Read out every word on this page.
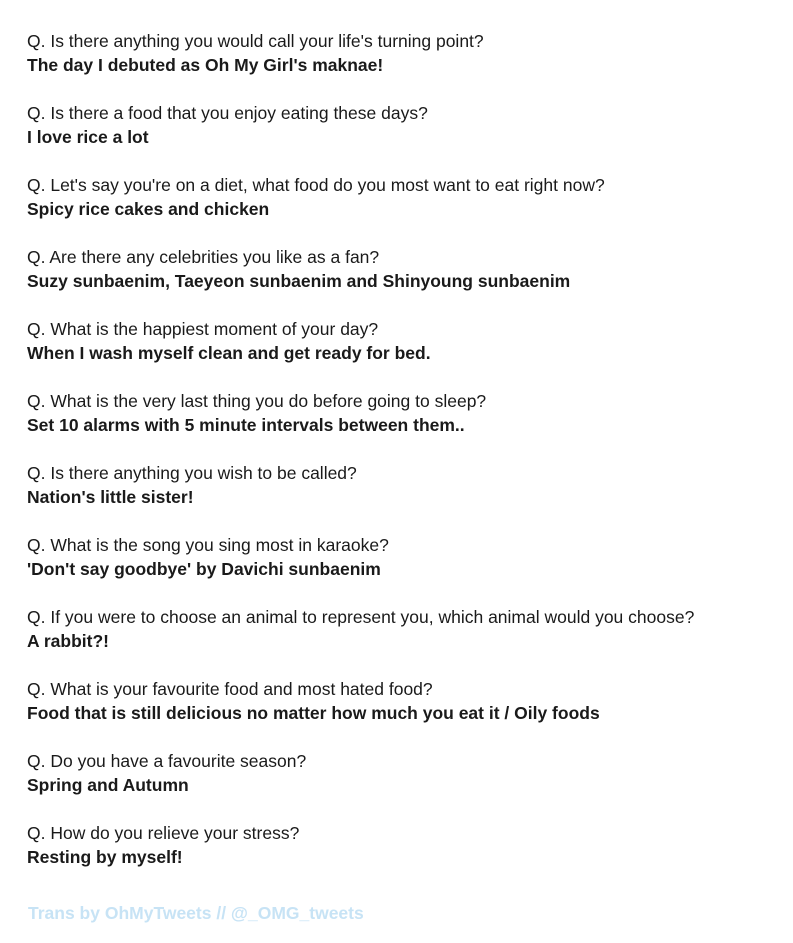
Q. Is there anything you would call your life's turning point?
The day I debuted as Oh My Girl's maknae!
Q. Is there a food that you enjoy eating these days?
I love rice a lot
Q. Let's say you're on a diet, what food do you most want to eat right now?
Spicy rice cakes and chicken
Q. Are there any celebrities you like as a fan?
Suzy sunbaenim, Taeyeon sunbaenim and Shinyoung sunbaenim
Q. What is the happiest moment of your day?
When I wash myself clean and get ready for bed.
Q. What is the very last thing you do before going to sleep?
Set 10 alarms with 5 minute intervals between them..
Q. Is there anything you wish to be called?
Nation's little sister!
Q. What is the song you sing most in karaoke?
'Don't say goodbye' by Davichi sunbaenim
Q. If you were to choose an animal to represent you, which animal would you choose?
A rabbit?!
Q. What is your favourite food and most hated food?
Food that is still delicious no matter how much you eat it / Oily foods
Q. Do you have a favourite season?
Spring and Autumn
Q. How do you relieve your stress?
Resting by myself!
Trans by OhMyTweets // @_OMG_tweets
